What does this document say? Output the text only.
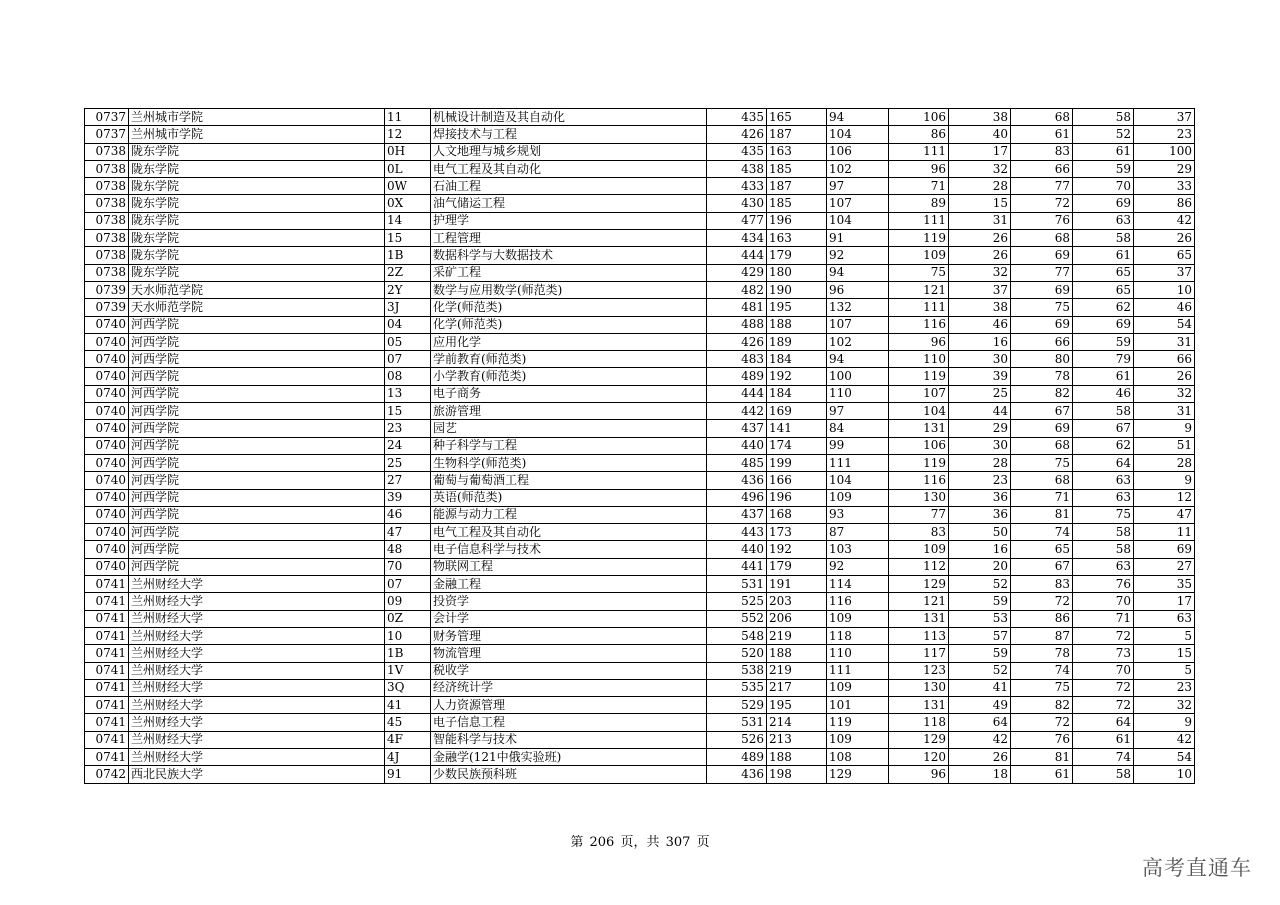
0737	兰州城市学院	11	机械设计制造及其自动化	435	165	94	106	38	68	58	37
0737	兰州城市学院	12	焊接技术与工程	426	187	104	86	40	61	52	23
0738	陇东学院	0H	人文地理与城乡规划	435	163	106	111	17	83	61	100
0738	陇东学院	0L	电气工程及其自动化	438	185	102	96	32	66	59	29
0738	陇东学院	0W	石油工程	433	187	97	71	28	77	70	33
0738	陇东学院	0X	油气储运工程	430	185	107	89	15	72	69	86
0738	陇东学院	14	护理学	477	196	104	111	31	76	63	42
0738	陇东学院	15	工程管理	434	163	91	119	26	68	58	26
0738	陇东学院	1B	数据科学与大数据技术	444	179	92	109	26	69	61	65
0738	陇东学院	2Z	采矿工程	429	180	94	75	32	77	65	37
0739	天水师范学院	2Y	数学与应用数学(师范类)	482	190	96	121	37	69	65	10
0739	天水师范学院	3J	化学(师范类)	481	195	132	111	38	75	62	46
0740	河西学院	04	化学(师范类)	488	188	107	116	46	69	69	54
0740	河西学院	05	应用化学	426	189	102	96	16	66	59	31
0740	河西学院	07	学前教育(师范类)	483	184	94	110	30	80	79	66
0740	河西学院	08	小学教育(师范类)	489	192	100	119	39	78	61	26
0740	河西学院	13	电子商务	444	184	110	107	25	82	46	32
0740	河西学院	15	旅游管理	442	169	97	104	44	67	58	31
0740	河西学院	23	园艺	437	141	84	131	29	69	67	9
0740	河西学院	24	种子科学与工程	440	174	99	106	30	68	62	51
0740	河西学院	25	生物科学(师范类)	485	199	111	119	28	75	64	28
0740	河西学院	27	葡萄与葡萄酒工程	436	166	104	116	23	68	63	9
0740	河西学院	39	英语(师范类)	496	196	109	130	36	71	63	12
0740	河西学院	46	能源与动力工程	437	168	93	77	36	81	75	47
0740	河西学院	47	电气工程及其自动化	443	173	87	83	50	74	58	11
0740	河西学院	48	电子信息科学与技术	440	192	103	109	16	65	58	69
0740	河西学院	70	物联网工程	441	179	92	112	20	67	63	27
0741	兰州财经大学	07	金融工程	531	191	114	129	52	83	76	35
0741	兰州财经大学	09	投资学	525	203	116	121	59	72	70	17
0741	兰州财经大学	0Z	会计学	552	206	109	131	53	86	71	63
0741	兰州财经大学	10	财务管理	548	219	118	113	57	87	72	5
0741	兰州财经大学	1B	物流管理	520	188	110	117	59	78	73	15
0741	兰州财经大学	1V	税收学	538	219	111	123	52	74	70	5
0741	兰州财经大学	3Q	经济统计学	535	217	109	130	41	75	72	23
0741	兰州财经大学	41	人力资源管理	529	195	101	131	49	82	72	32
0741	兰州财经大学	45	电子信息工程	531	214	119	118	64	72	64	9
0741	兰州财经大学	4F	智能科学与技术	526	213	109	129	42	76	61	42
0741	兰州财经大学	4J	金融学(121中俄实验班)	489	188	108	120	26	81	74	54
0742	西北民族大学	91	少数民族预科班	436	198	129	96	18	61	58	10
第 206 页，共 307 页
高考直通车
